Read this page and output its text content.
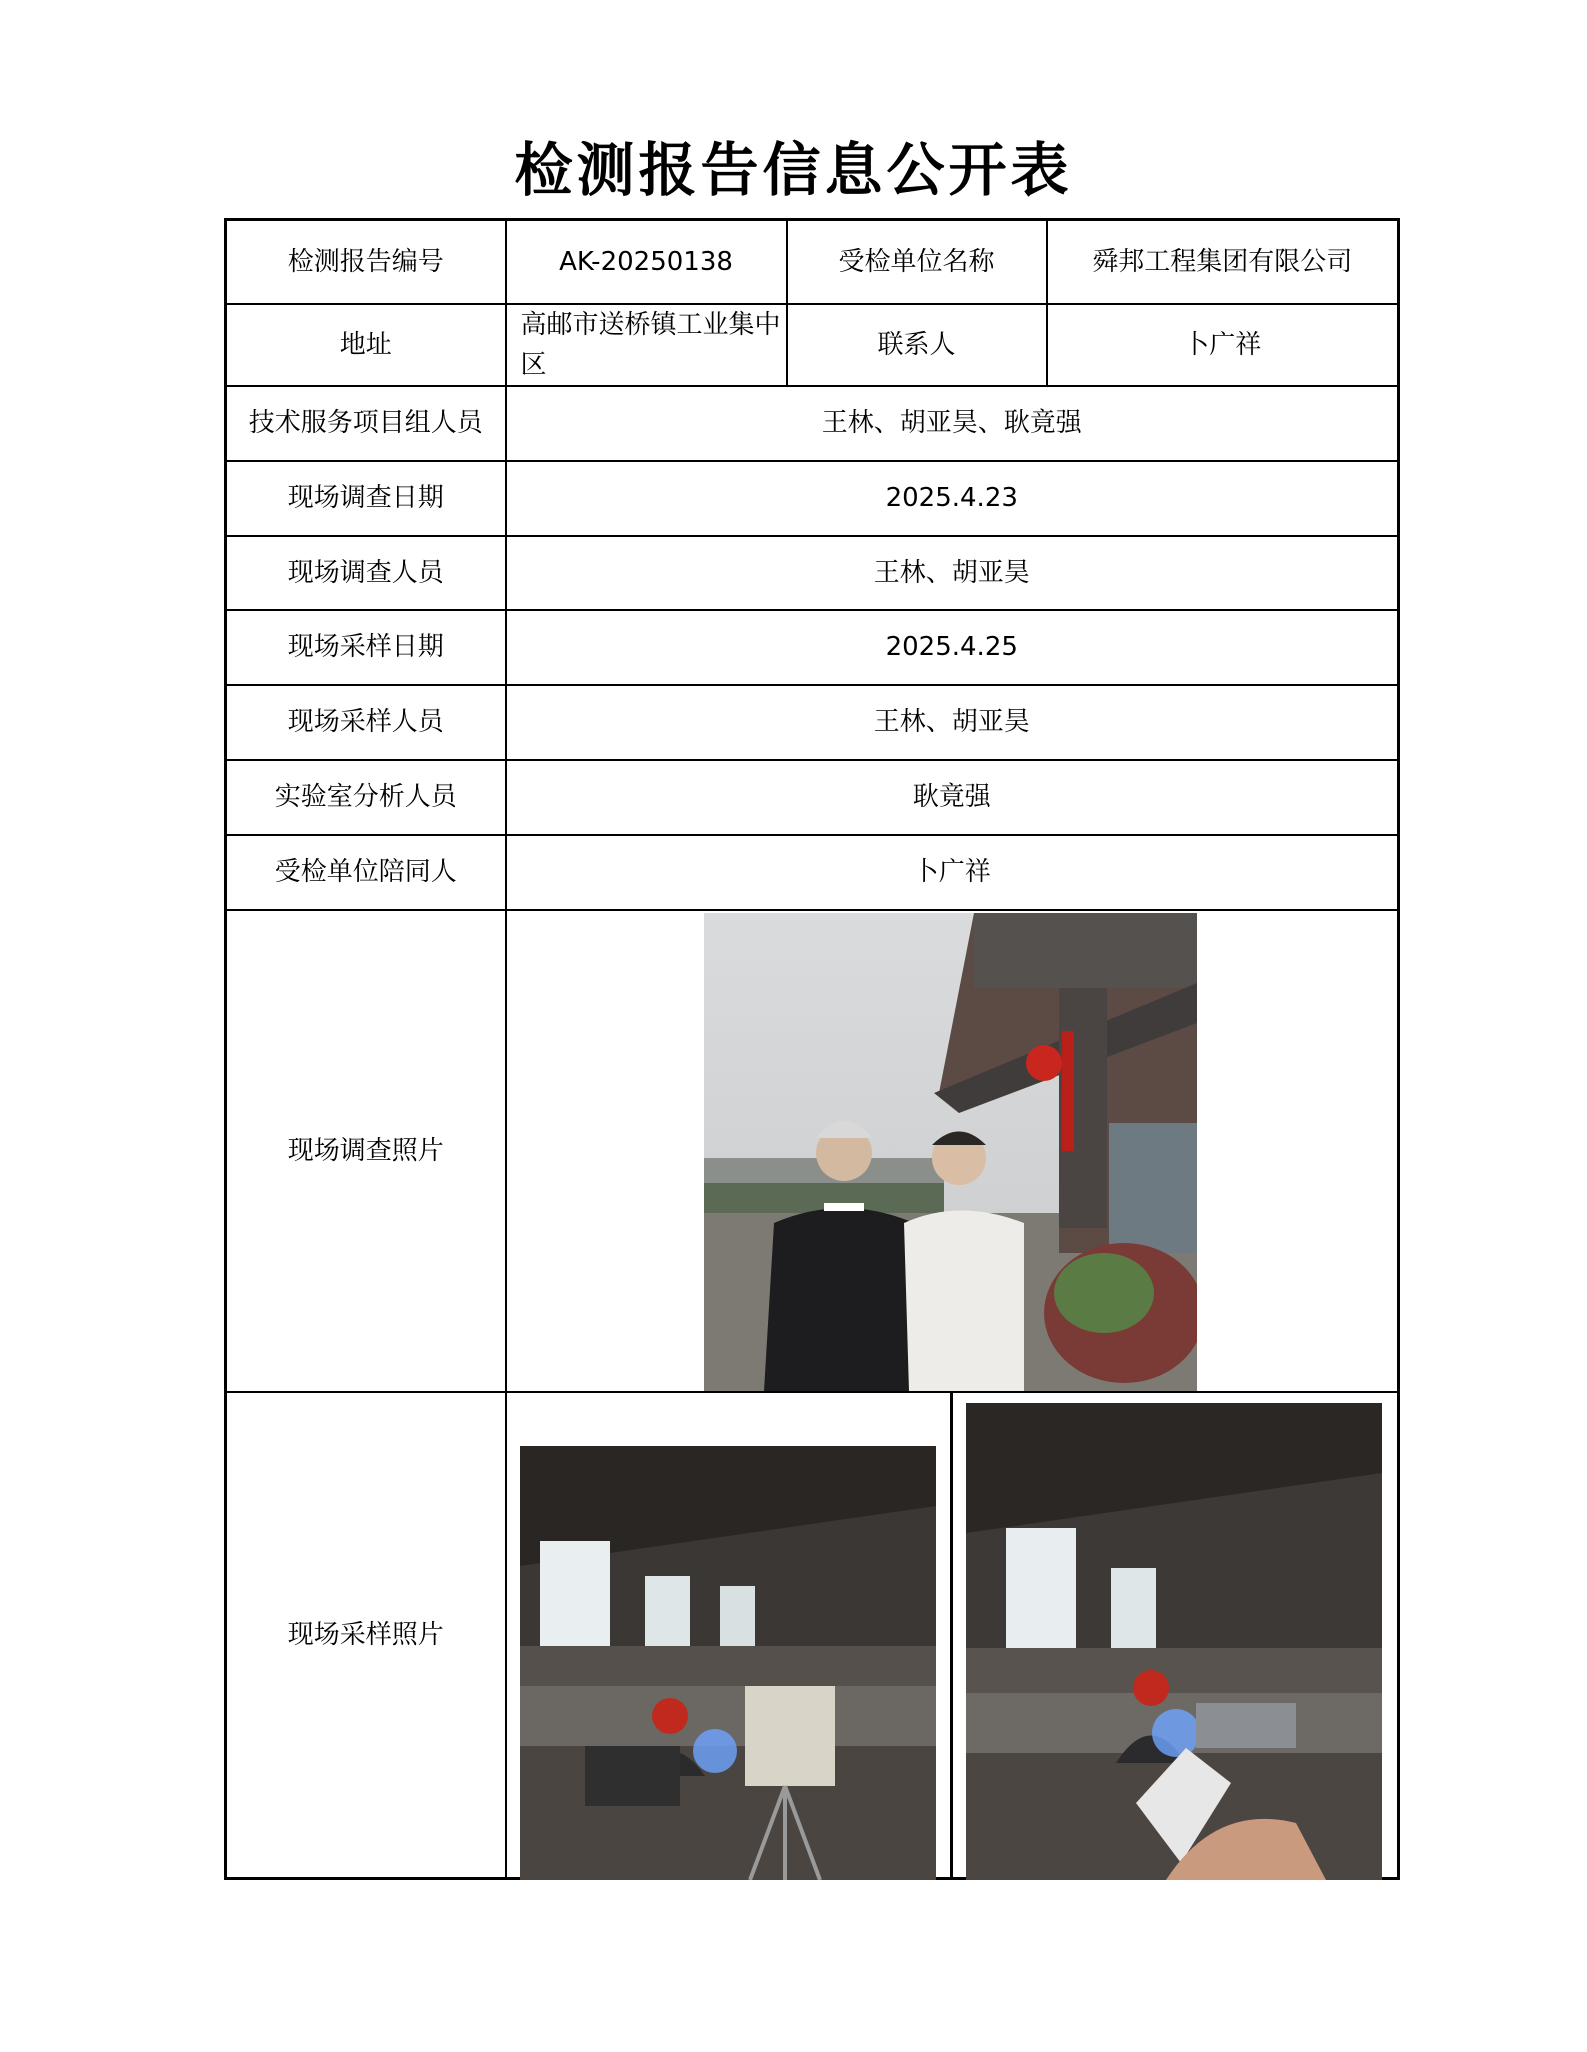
检测报告信息公开表
检测报告编号	AK-20250138	受检单位名称	舜邦工程集团有限公司
地址	高邮市送桥镇工业集中区	联系人	卜广祥
技术服务项目组人员	王林、胡亚昊、耿竟强		
现场调查日期	2025.4.23		
现场调查人员	王林、胡亚昊		
现场采样日期	2025.4.25		
现场采样人员	王林、胡亚昊		
实验室分析人员	耿竟强		
受检单位陪同人	卜广祥		
现场调查照片	

现场采样照片	
